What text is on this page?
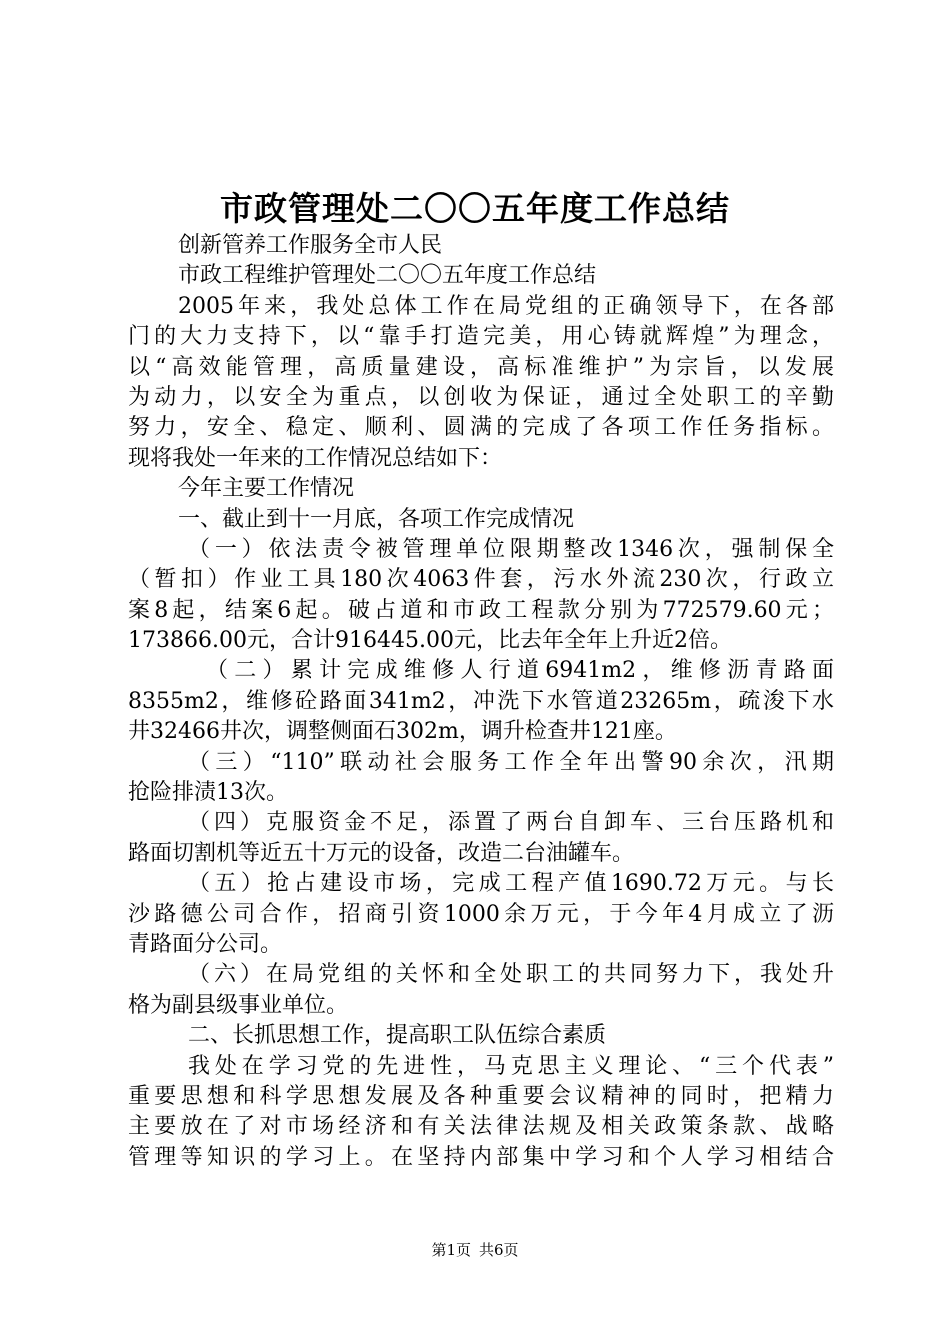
市政管理处二〇〇五年度工作总结
创新管养工作服务全市人民
市政工程维护管理处二〇〇五年度工作总结
2005年来，我处总体工作在局党组的正确领导下，在各部
门的大力支持下，以“靠手打造完美，用心铸就辉煌”为理念，
以“高效能管理，高质量建设，高标准维护”为宗旨，以发展
为动力，以安全为重点，以创收为保证，通过全处职工的辛勤
努力，安全、稳定、顺利、圆满的完成了各项工作任务指标。
现将我处一年来的工作情况总结如下：
今年主要工作情况
一、截止到十一月底，各项工作完成情况
（一）依法责令被管理单位限期整改1346次，强制保全
（暂扣）作业工具180次4063件套，污水外流230次，行政立
案8起，结案6起。破占道和市政工程款分别为772579.60元；
173866.00元，合计916445.00元，比去年全年上升近2倍。
（二）累计完成维修人行道6941m2，维修沥青路面
8355m2，维修砼路面341m2，冲洗下水管道23265m，疏浚下水
井32466井次，调整侧面石302m，调升检查井121座。
（三）“110”联动社会服务工作全年出警90余次，汛期
抢险排渍13次。
（四）克服资金不足，添置了两台自卸车、三台压路机和
路面切割机等近五十万元的设备，改造二台油罐车。
（五）抢占建设市场，完成工程产值1690.72万元。与长
沙路德公司合作，招商引资1000余万元，于今年4月成立了沥
青路面分公司。
（六）在局党组的关怀和全处职工的共同努力下，我处升
格为副县级事业单位。
二、长抓思想工作，提高职工队伍综合素质
我处在学习党的先进性，马克思主义理论、“三个代表”
重要思想和科学思想发展及各种重要会议精神的同时，把精力
主要放在了对市场经济和有关法律法规及相关政策条款、战略
管理等知识的学习上。在坚持内部集中学习和个人学习相结合
第1页 共6页
